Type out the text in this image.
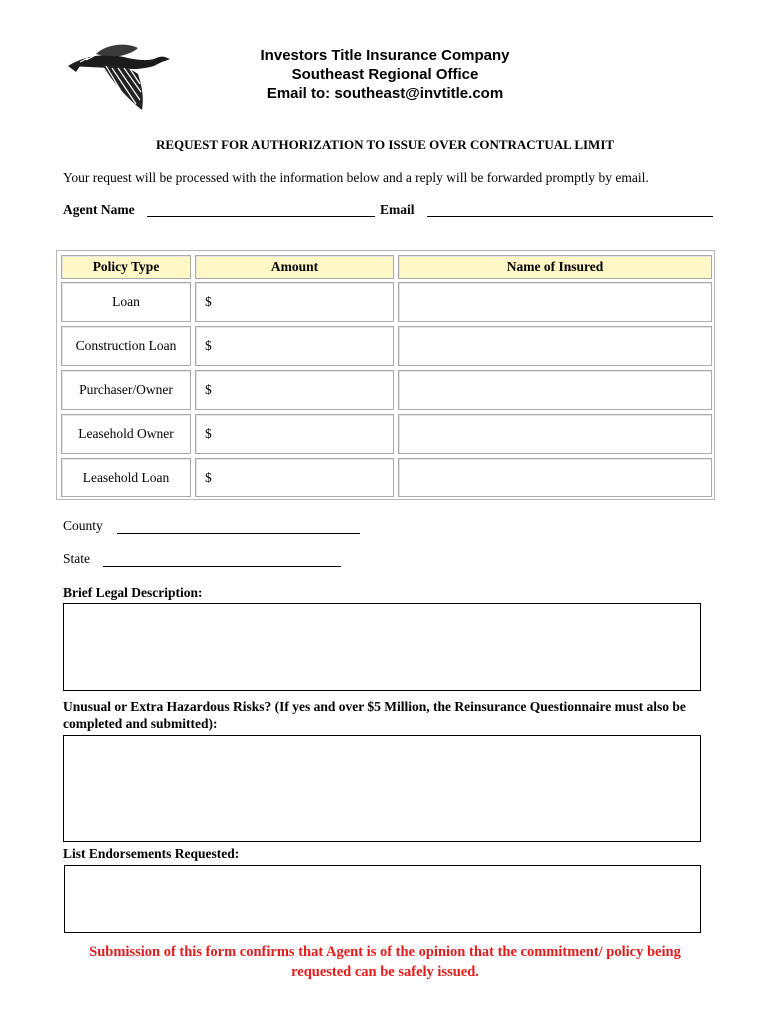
Investors Title Insurance Company
Southeast Regional Office
Email to: southeast@invtitle.com
REQUEST FOR AUTHORIZATION TO ISSUE OVER CONTRACTUAL LIMIT
Your request will be processed with the information below and a reply will be forwarded promptly by email.
Agent Name	Email
Policy Type	Amount	Name of Insured
Loan	$
Construction Loan	$
Purchaser/Owner	$
Leasehold Owner	$
Leasehold Loan	$
County
State
Brief Legal Description:
Unusual or Extra Hazardous Risks? (If yes and over $5 Million, the Reinsurance Questionnaire must also be completed and submitted):
List Endorsements Requested:
Submission of this form confirms that Agent is of the opinion that the commitment/ policy being requested can be safely issued.
